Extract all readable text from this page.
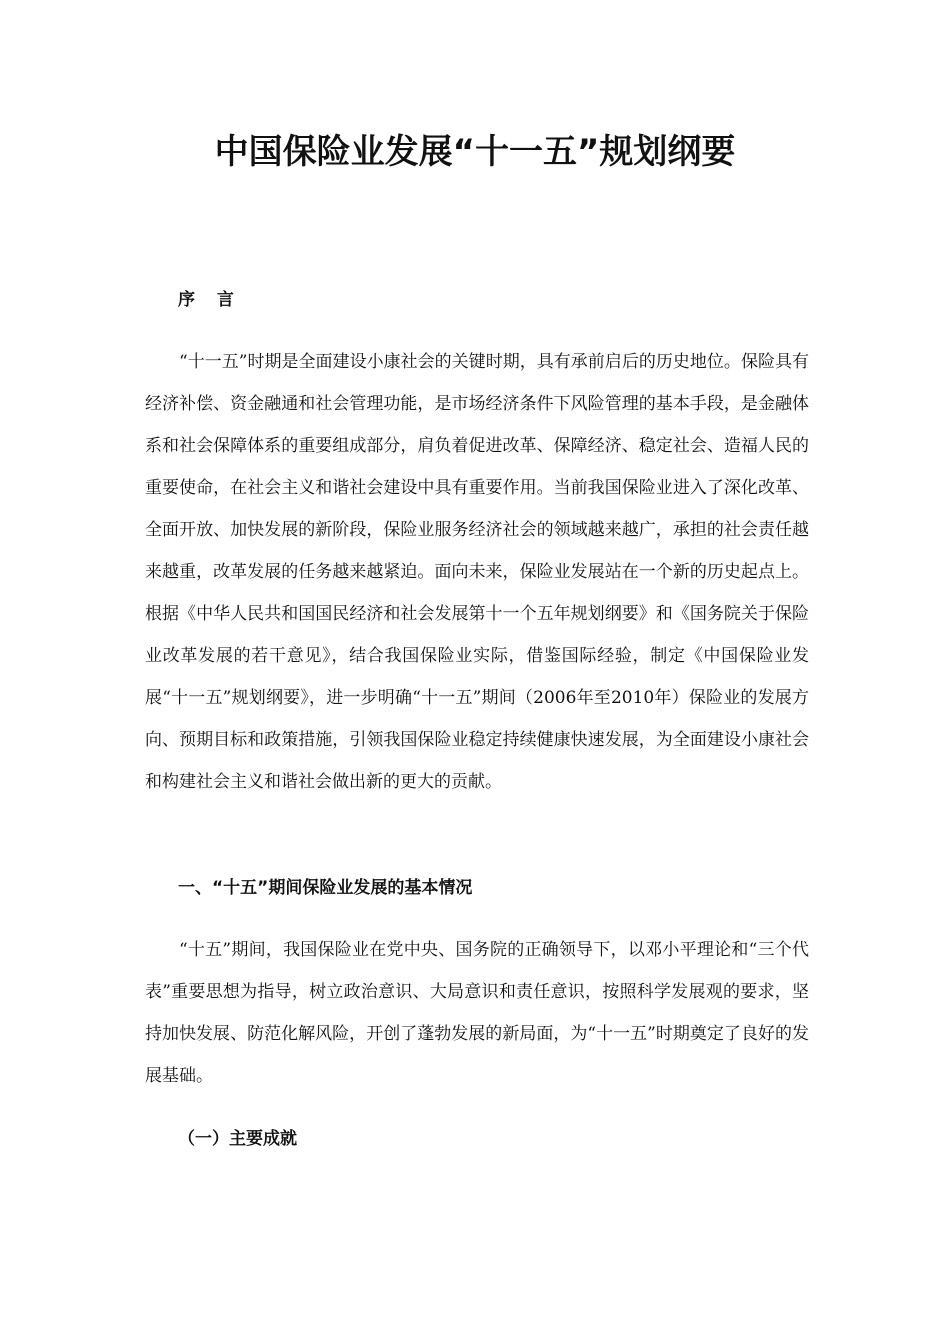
中国保险业发展“十一五”规划纲要
序 言

“十一五”时期是全面建设小康社会的关键时期，具有承前启后的历史地位。保险具有经济补偿、资金融通和社会管理功能，是市场经济条件下风险管理的基本手段，是金融体系和社会保障体系的重要组成部分，肩负着促进改革、保障经济、稳定社会、造福人民的重要使命，在社会主义和谐社会建设中具有重要作用。当前我国保险业进入了深化改革、全面开放、加快发展的新阶段，保险业服务经济社会的领域越来越广，承担的社会责任越来越重，改革发展的任务越来越紧迫。面向未来，保险业发展站在一个新的历史起点上。根据《中华人民共和国国民经济和社会发展第十一个五年规划纲要》和《国务院关于保险业改革发展的若干意见》，结合我国保险业实际，借鉴国际经验，制定《中国保险业发展“十一五”规划纲要》，进一步明确“十一五”期间（2006年至2010年）保险业的发展方向、预期目标和政策措施，引领我国保险业稳定持续健康快速发展，为全面建设小康社会和构建社会主义和谐社会做出新的更大的贡献。

一、“十五”期间保险业发展的基本情况

“十五”期间，我国保险业在党中央、国务院的正确领导下，以邓小平理论和“三个代表”重要思想为指导，树立政治意识、大局意识和责任意识，按照科学发展观的要求，坚持加快发展、防范化解风险，开创了蓬勃发展的新局面，为“十一五”时期奠定了良好的发展基础。

（一）主要成就
